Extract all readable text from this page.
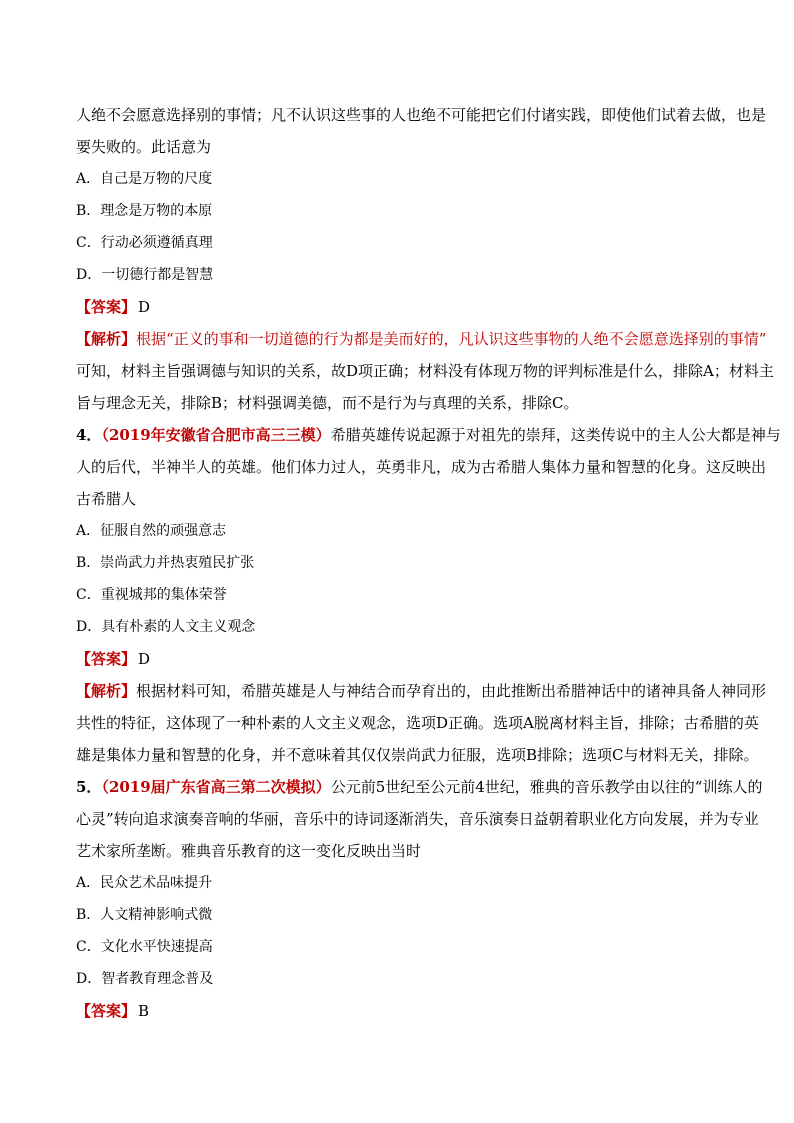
人绝不会愿意选择别的事情；凡不认识这些事的人也绝不可能把它们付诸实践，即使他们试着去做，也是
要失败的。此话意为
A．自己是万物的尺度
B．理念是万物的本原
C．行动必须遵循真理
D．一切德行都是智慧
【答案】 D
【解析】根据“正义的事和一切道德的行为都是美而好的，凡认识这些事物的人绝不会愿意选择别的事情”
可知，材料主旨强调德与知识的关系，故D项正确；材料没有体现万物的评判标准是什么，排除A；材料主
旨与理念无关，排除B；材料强调美德，而不是行为与真理的关系，排除C。
4．（2019年安徽省合肥市高三三模）希腊英雄传说起源于对祖先的崇拜，这类传说中的主人公大都是神与
人的后代，半神半人的英雄。他们体力过人，英勇非凡，成为古希腊人集体力量和智慧的化身。这反映出
古希腊人
A．征服自然的顽强意志
B．崇尚武力并热衷殖民扩张
C．重视城邦的集体荣誉
D．具有朴素的人文主义观念
【答案】 D
【解析】根据材料可知，希腊英雄是人与神结合而孕育出的，由此推断出希腊神话中的诸神具备人神同形
共性的特征，这体现了一种朴素的人文主义观念，选项D正确。选项A脱离材料主旨，排除；古希腊的英
雄是集体力量和智慧的化身，并不意味着其仅仅崇尚武力征服，选项B排除；选项C与材料无关，排除。
5．（2019届广东省高三第二次模拟）公元前5世纪至公元前4世纪，雅典的音乐教学由以往的“训练人的
心灵”转向追求演奏音响的华丽，音乐中的诗词逐渐消失，音乐演奏日益朝着职业化方向发展，并为专业
艺术家所垄断。雅典音乐教育的这一变化反映出当时
A．民众艺术品味提升
B．人文精神影响式微
C．文化水平快速提高
D．智者教育理念普及
【答案】 B
